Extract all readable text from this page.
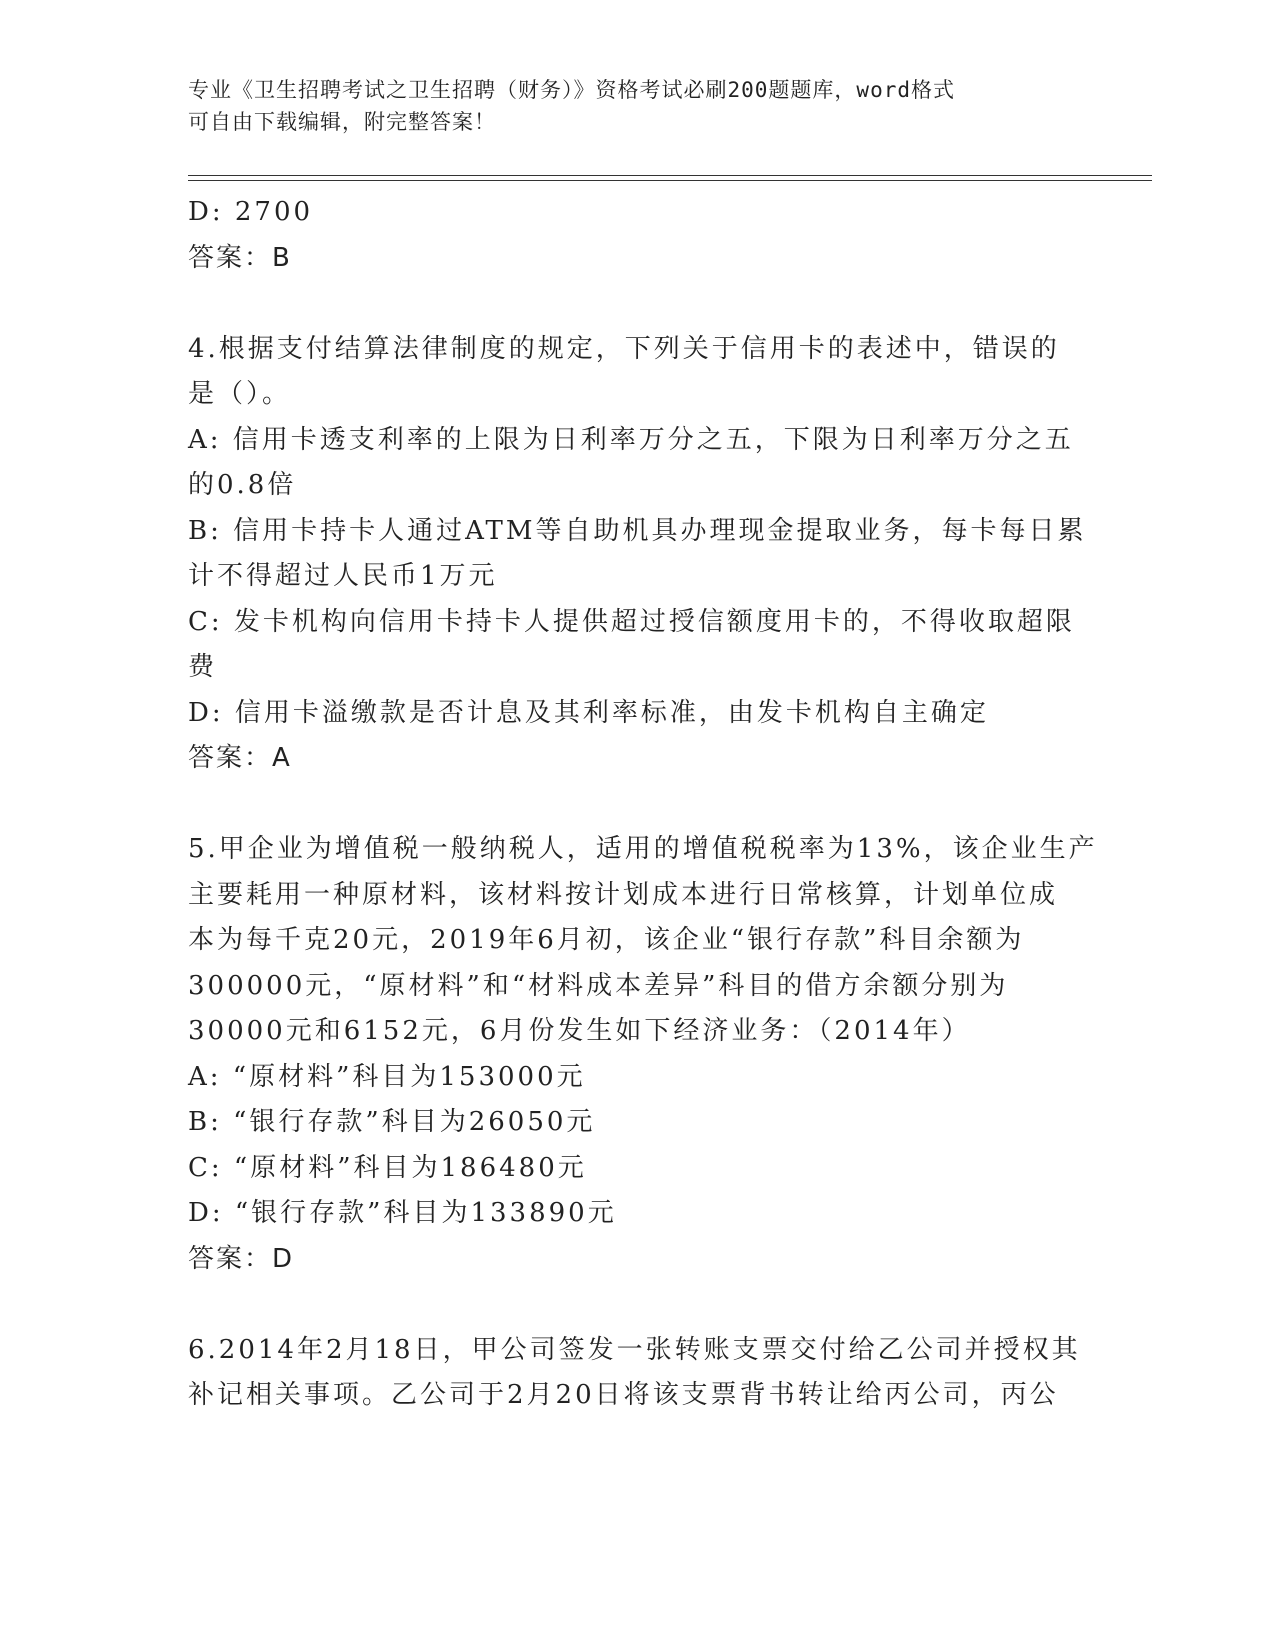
专业《卫生招聘考试之卫生招聘（财务）》资格考试必刷200题题库，word格式
可自由下载编辑，附完整答案！
D: 2700
答案：B
4.根据支付结算法律制度的规定，下列关于信用卡的表述中，错误的
是（）。
A: 信用卡透支利率的上限为日利率万分之五，下限为日利率万分之五
的0.8倍
B: 信用卡持卡人通过ATM等自助机具办理现金提取业务，每卡每日累
计不得超过人民币1万元
C: 发卡机构向信用卡持卡人提供超过授信额度用卡的，不得收取超限
费
D: 信用卡溢缴款是否计息及其利率标准，由发卡机构自主确定
答案：A
5.甲企业为增值税一般纳税人，适用的增值税税率为13%，该企业生产
主要耗用一种原材料，该材料按计划成本进行日常核算，计划单位成
本为每千克20元，2019年6月初，该企业“银行存款”科目余额为
300000元，“原材料”和“材料成本差异”科目的借方余额分别为
30000元和6152元，6月份发生如下经济业务：（2014年）
A: “原材料”科目为153000元
B: “银行存款”科目为26050元
C: “原材料”科目为186480元
D: “银行存款”科目为133890元
答案：D
6.2014年2月18日，甲公司签发一张转账支票交付给乙公司并授权其
补记相关事项。乙公司于2月20日将该支票背书转让给丙公司，丙公
